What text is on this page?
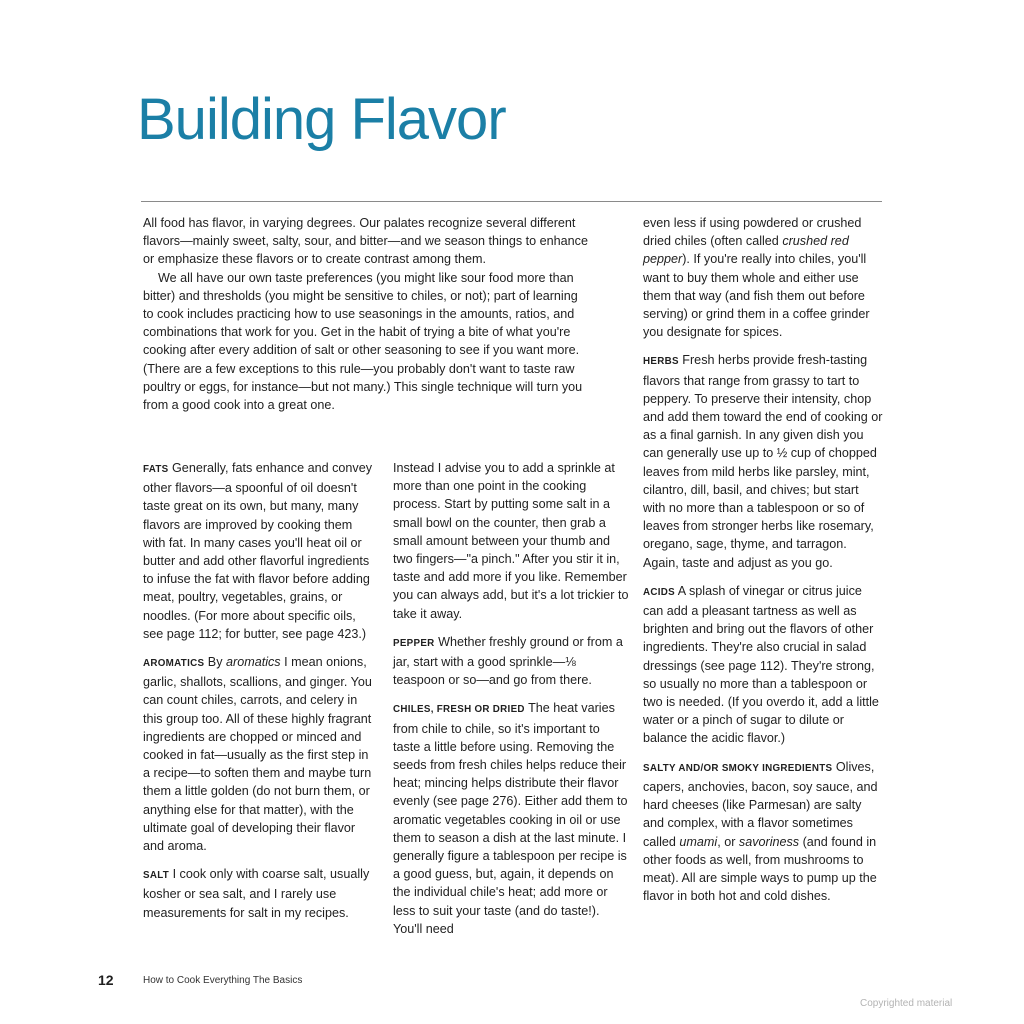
Building Flavor

All food has flavor, in varying degrees. Our palates recognize several different flavors—mainly sweet, salty, sour, and bitter—and we season things to enhance or emphasize these flavors or to create contrast among them.

We all have our own taste preferences (you might like sour food more than bitter) and thresholds (you might be sensitive to chiles, or not); part of learning to cook includes practicing how to use seasonings in the amounts, ratios, and combinations that work for you. Get in the habit of trying a bite of what you're cooking after every addition of salt or other seasoning to see if you want more. (There are a few exceptions to this rule—you probably don't want to taste raw poultry or eggs, for instance—but not many.) This single technique will turn you from a good cook into a great one.

FATS Generally, fats enhance and convey other flavors—a spoonful of oil doesn't taste great on its own, but many, many flavors are improved by cooking them with fat. In many cases you'll heat oil or butter and add other flavorful ingredients to infuse the fat with flavor before adding meat, poultry, vegetables, grains, or noodles. (For more about specific oils, see page 112; for butter, see page 423.)

AROMATICS By aromatics I mean onions, garlic, shallots, scallions, and ginger. You can count chiles, carrots, and celery in this group too. All of these highly fragrant ingredients are chopped or minced and cooked in fat—usually as the first step in a recipe—to soften them and maybe turn them a little golden (do not burn them, or anything else for that matter), with the ultimate goal of developing their flavor and aroma.

SALT I cook only with coarse salt, usually kosher or sea salt, and I rarely use measurements for salt in my recipes.

Instead I advise you to add a sprinkle at more than one point in the cooking process. Start by putting some salt in a small bowl on the counter, then grab a small amount between your thumb and two fingers—"a pinch." After you stir it in, taste and add more if you like. Remember you can always add, but it's a lot trickier to take it away.

PEPPER Whether freshly ground or from a jar, start with a good sprinkle—⅛ teaspoon or so—and go from there.

CHILES, FRESH OR DRIED The heat varies from chile to chile, so it's important to taste a little before using. Removing the seeds from fresh chiles helps reduce their heat; mincing helps distribute their flavor evenly (see page 276). Either add them to aromatic vegetables cooking in oil or use them to season a dish at the last minute. I generally figure a tablespoon per recipe is a good guess, but, again, it depends on the individual chile's heat; add more or less to suit your taste (and do taste!). You'll need

even less if using powdered or crushed dried chiles (often called crushed red pepper). If you're really into chiles, you'll want to buy them whole and either use them that way (and fish them out before serving) or grind them in a coffee grinder you designate for spices.

HERBS Fresh herbs provide fresh-tasting flavors that range from grassy to tart to peppery. To preserve their intensity, chop and add them toward the end of cooking or as a final garnish. In any given dish you can generally use up to ½ cup of chopped leaves from mild herbs like parsley, mint, cilantro, dill, basil, and chives; but start with no more than a tablespoon or so of leaves from stronger herbs like rosemary, oregano, sage, thyme, and tarragon. Again, taste and adjust as you go.

ACIDS A splash of vinegar or citrus juice can add a pleasant tartness as well as brighten and bring out the flavors of other ingredients. They're also crucial in salad dressings (see page 112). They're strong, so usually no more than a tablespoon or two is needed. (If you overdo it, add a little water or a pinch of sugar to dilute or balance the acidic flavor.)

SALTY AND/OR SMOKY INGREDIENTS Olives, capers, anchovies, bacon, soy sauce, and hard cheeses (like Parmesan) are salty and complex, with a flavor sometimes called umami, or savoriness (and found in other foods as well, from mushrooms to meat). All are simple ways to pump up the flavor in both hot and cold dishes.

12	How to Cook Everything The Basics
Copyrighted material
